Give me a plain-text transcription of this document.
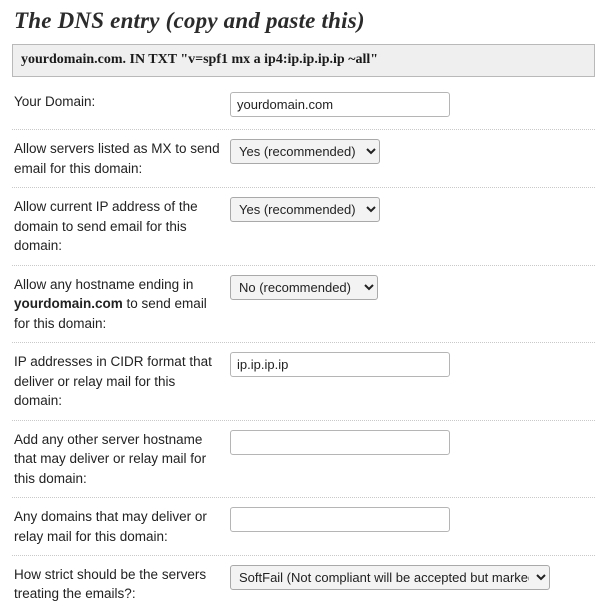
The DNS entry (copy and paste this)
yourdomain.com. IN TXT "v=spf1 mx a ip4:ip.ip.ip.ip ~all"
Your Domain:
yourdomain.com
Allow servers listed as MX to send email for this domain:
Yes (recommended)
Allow current IP address of the domain to send email for this domain:
Yes (recommended)
Allow any hostname ending in yourdomain.com to send email for this domain:
No (recommended)
IP addresses in CIDR format that deliver or relay mail for this domain:
ip.ip.ip.ip
Add any other server hostname that may deliver or relay mail for this domain:
Any domains that may deliver or relay mail for this domain:
How strict should be the servers treating the emails?:
SoftFail (Not compliant will be accepted but marked)
